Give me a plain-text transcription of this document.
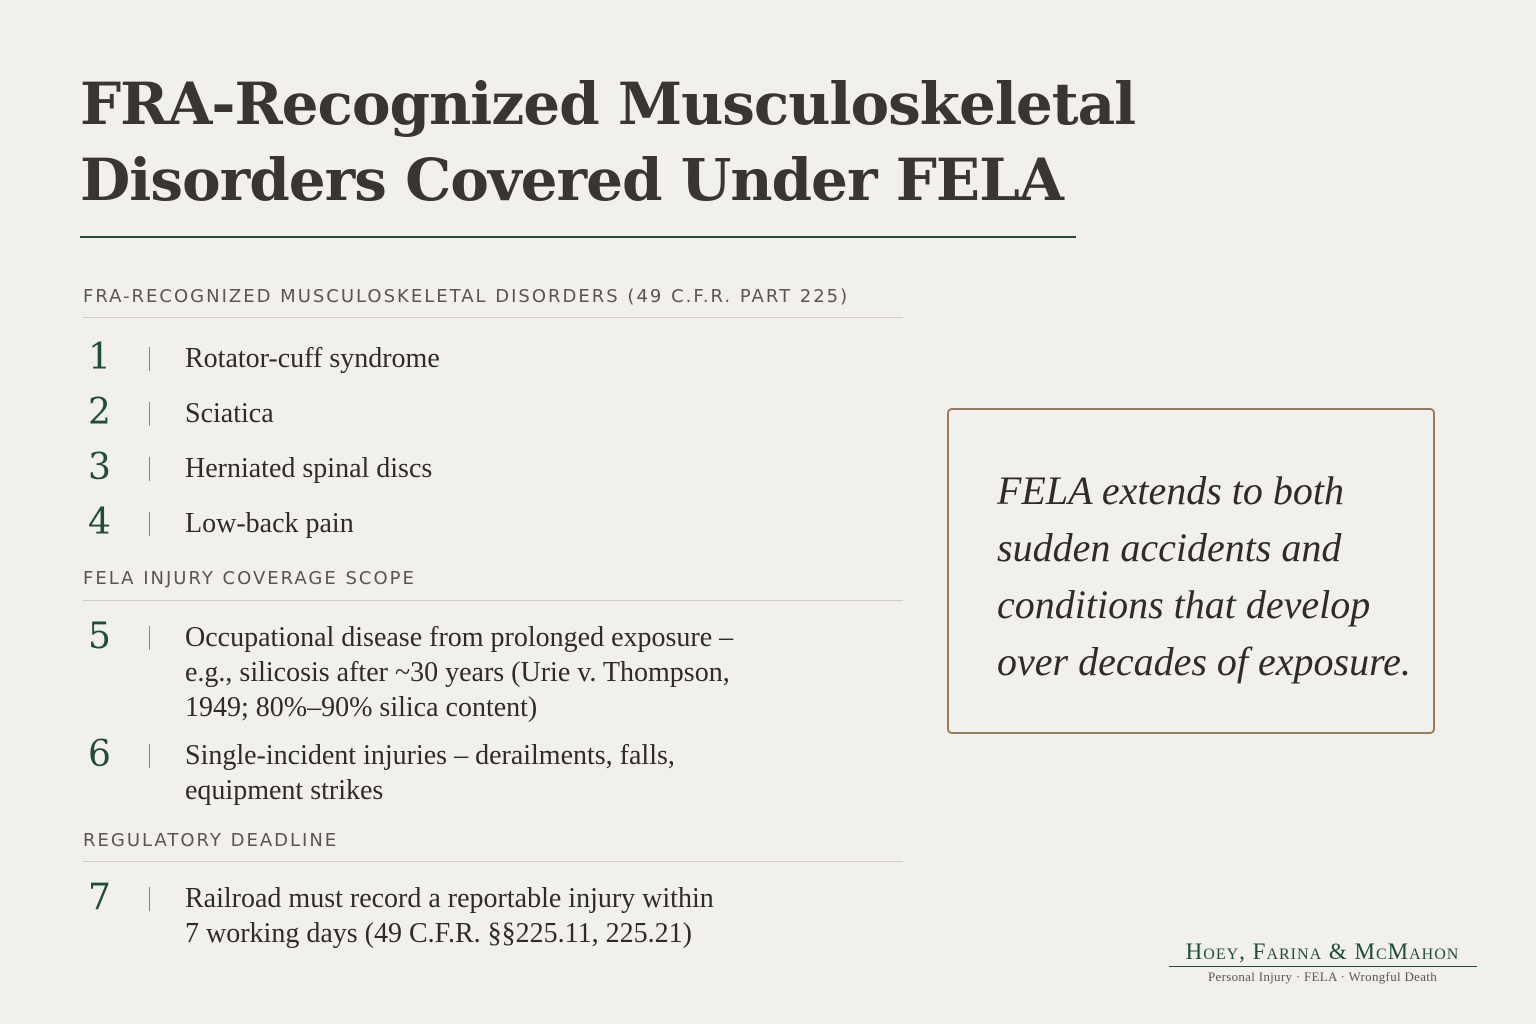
FRA-Recognized Musculoskeletal
Disorders Covered Under FELA
FRA-RECOGNIZED MUSCULOSKELETAL DISORDERS (49 C.F.R. PART 225)
1	Rotator-cuff syndrome
2	Sciatica
3	Herniated spinal discs
4	Low-back pain
FELA INJURY COVERAGE SCOPE
5	Occupational disease from prolonged exposure –
e.g., silicosis after ~30 years (Urie v. Thompson,
1949; 80%–90% silica content)
6	Single-incident injuries – derailments, falls,
equipment strikes
REGULATORY DEADLINE
7	Railroad must record a reportable injury within
7 working days (49 C.F.R. §§225.11, 225.21)

FELA extends to both
sudden accidents and
conditions that develop
over decades of exposure.

Hoey, Farina & McMahon
Personal Injury · FELA · Wrongful Death
